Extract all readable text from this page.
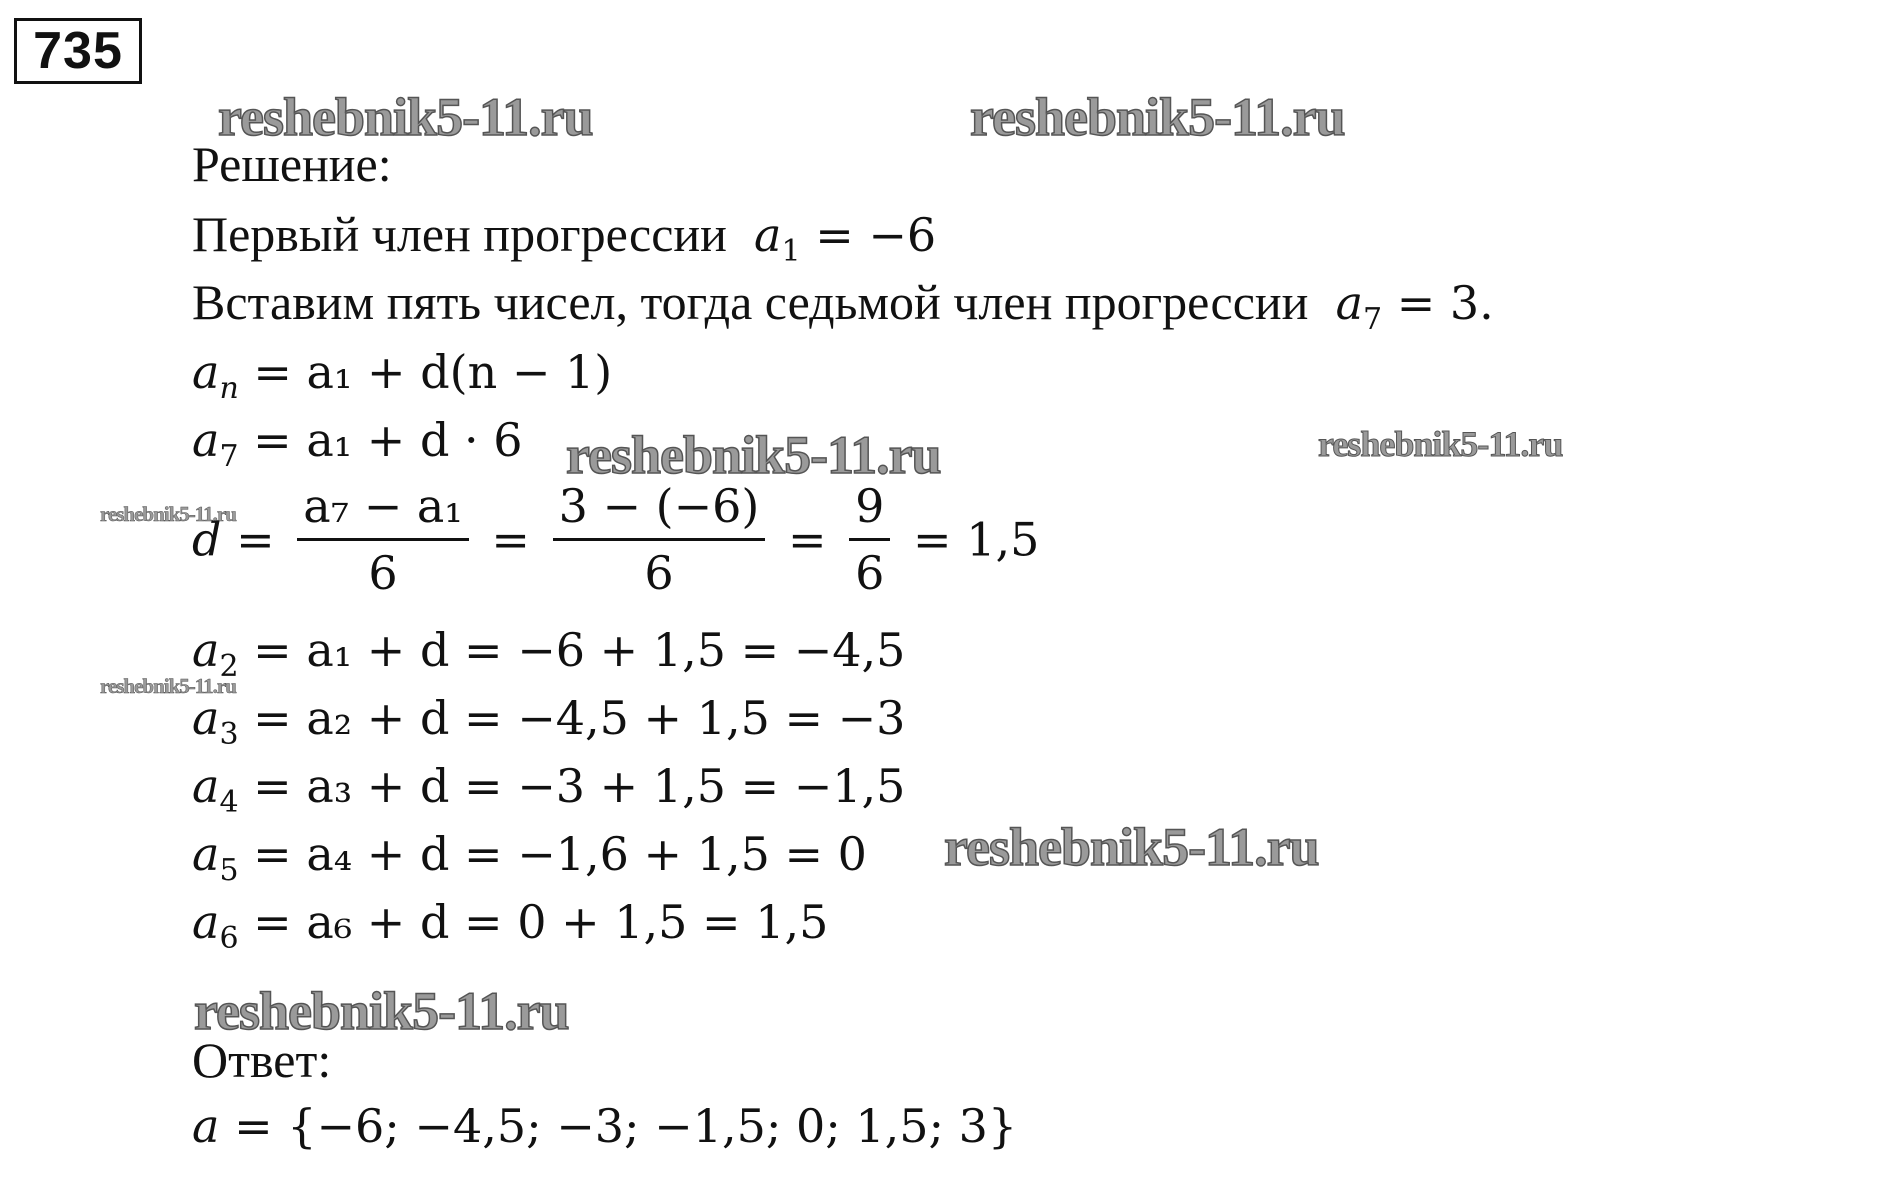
735
reshebnik5-11.ru	reshebnik5-11.ru
reshebnik5-11.ru	reshebnik5-11.ru
reshebnik5-11.ru
reshebnik5-11.ru
reshebnik5-11.ru
reshebnik5-11.ru
Решение:
Первый член прогрессии $a_1 = -6$
Вставим пять чисел, тогда седьмой член прогрессии $a_7 = 3$.
$a_n = a_1 + d(n - 1)$
$a_7 = a_1 + d \cdot 6$
$d = \frac{\text{a₇ − a₁}}{6} = \frac{3 - (-6)}{6} = \frac{9}{6} = 1,5$
$a_2 = a_1 + d = -6 + 1,5 = -4,5$
$a_3 = a_2 + d = -4,5 + 1,5 = -3$
$a_4 = a_3 + d = -3 + 1,5 = -1,5$
$a_5 = a_4 + d = -1,6 + 1,5 = 0$
$a_6 = a_6 + d = 0 + 1,5 = 1,5$
Ответ:
a = {−6; −4,5; −3; −1,5; 0; 1,5; 3}
